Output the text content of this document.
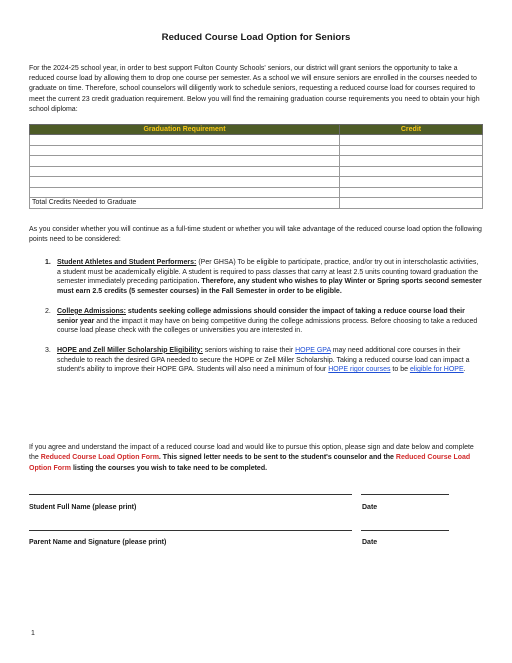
Reduced Course Load Option for Seniors

For the 2024-25 school year, in order to best support Fulton County Schools' seniors, our district will grant seniors the opportunity to take a reduced course load by allowing them to drop one course per semester. As a school we will ensure seniors are enrolled in the courses needed to graduate on time. Therefore, school counselors will diligently work to schedule seniors, requesting a reduced course load for courses required to meet the current 23 credit graduation requirement. Below you will find the remaining graduation course requirements you need to obtain your high school diploma:

Graduation Requirement	Credit

Total Credits Needed to Graduate	

As you consider whether you will continue as a full-time student or whether you will take advantage of the reduced course load option the following points need to be considered:

1. Student Athletes and Student Performers: (Per GHSA) To be eligible to participate, practice, and/or try out in interscholastic activities, a student must be academically eligible. A student is required to pass classes that carry at least 2.5 units counting toward graduation the semester immediately preceding participation. Therefore, any student who wishes to play Winter or Spring sports second semester must earn 2.5 credits (5 semester courses) in the Fall Semester in order to be eligible.
2. College Admissions: students seeking college admissions should consider the impact of taking a reduce course load their senior year and the impact it may have on being competitive during the college admissions process. Before choosing to take a reduced course load please check with the colleges or universities you are interested in.
3. HOPE and Zell Miller Scholarship Eligibility: seniors wishing to raise their HOPE GPA may need additional core courses in their schedule to reach the desired GPA needed to secure the HOPE or Zell Miller Scholarship. Taking a reduced course load can impact a student's ability to improve their HOPE GPA. Students will also need a minimum of four HOPE rigor courses to be eligible for HOPE.

If you agree and understand the impact of a reduced course load and would like to pursue this option, please sign and date below and complete the Reduced Course Load Option Form. This signed letter needs to be sent to the student's counselor and the Reduced Course Load Option Form listing the courses you wish to take need to be completed.

Student Full Name (please print)	Date
Parent Name and Signature (please print)	Date
1
